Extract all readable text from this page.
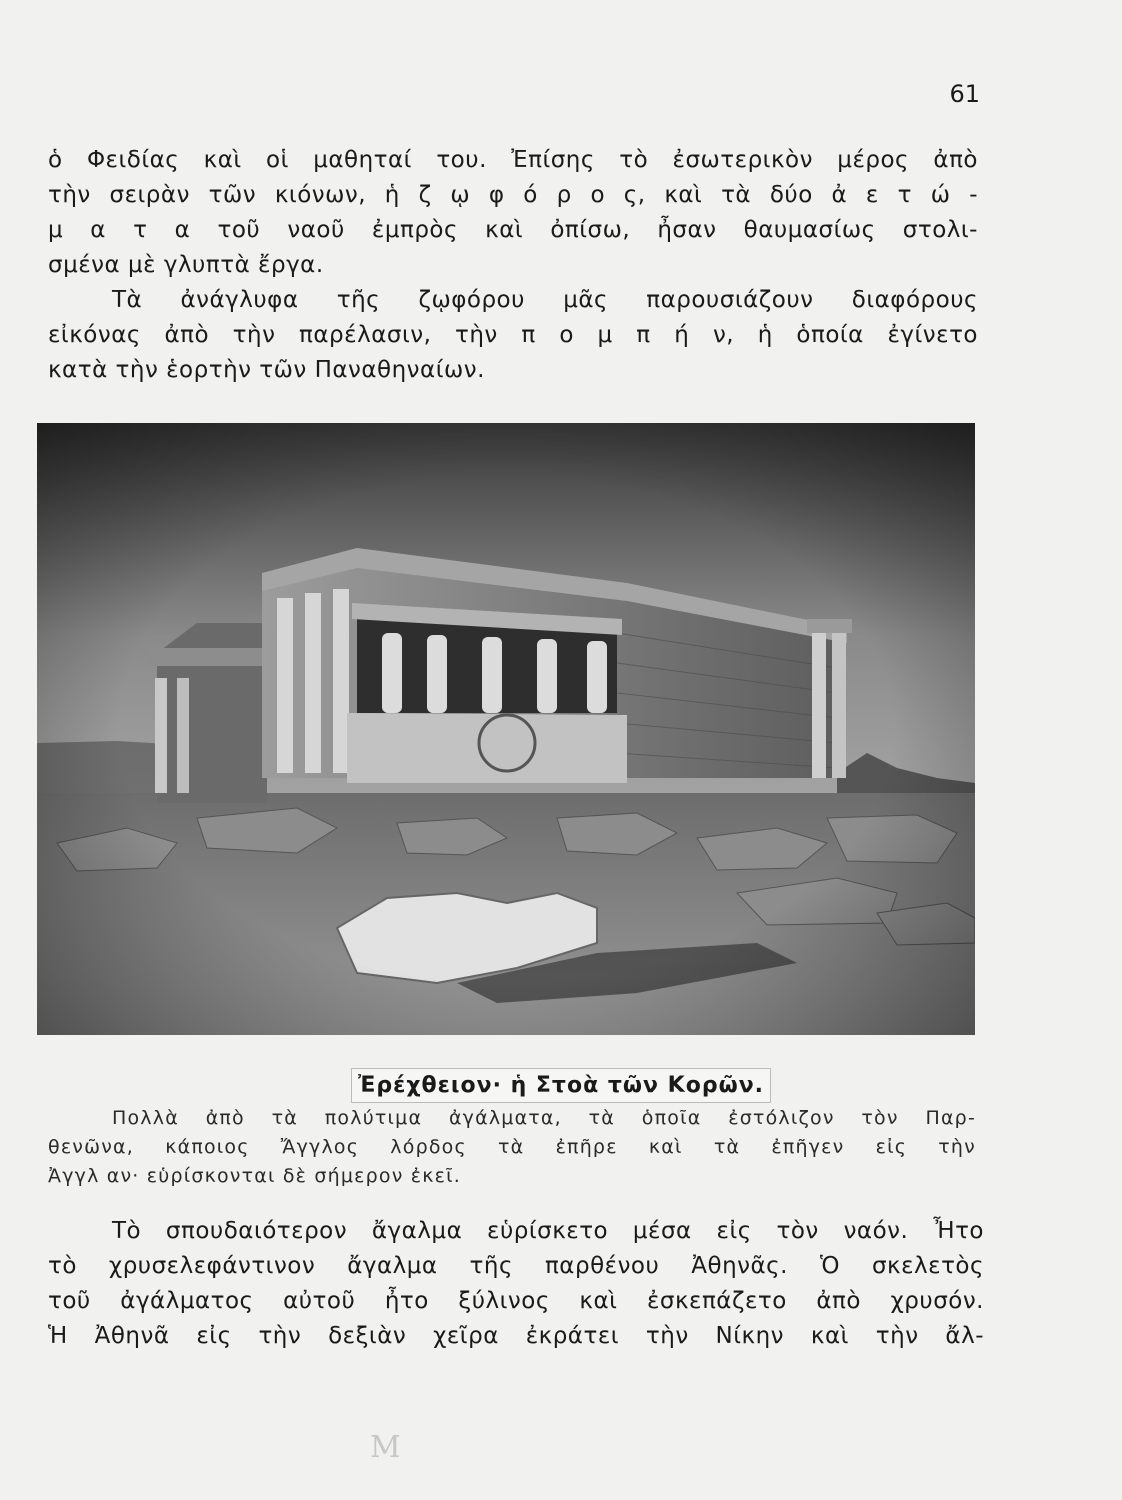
61
ὁ Φειδίας καὶ οἱ μαθηταί του. Ἐπίσης τὸ ἐσωτερικὸν μέρος ἀπὸ
τὴν σειρὰν τῶν κιόνων, ἡ ζ ῳ φ ό ρ ο ς, καὶ τὰ δύο ἀ ε τ ώ -
μ α τ α τοῦ ναοῦ ἐμπρὸς καὶ ὀπίσω, ἦσαν θαυμασίως στολι-
σμένα μὲ γλυπτὰ ἔργα.
Τὰ ἀνάγλυφα τῆς ζῳφόρου μᾶς παρουσιάζουν διαφόρους
εἰκόνας ἀπὸ τὴν παρέλασιν, τὴν π ο μ π ή ν, ἡ ὁποία ἐγίνετο
κατὰ τὴν ἑορτὴν τῶν Παναθηναίων.
Ἐρέχθειον· ἡ Στοὰ τῶν Κορῶν.
Πολλὰ ἀπὸ τὰ πολύτιμα ἀγάλματα, τὰ ὁποῖα ἐστόλιζον τὸν Παρ-
θενῶνα, κάποιος Ἄγγλος λόρδος τὰ ἐπῆρε καὶ τὰ ἐπῆγεν εἰς τὴν
Ἀγγλ αν· εὑρίσκονται δὲ σήμερον ἐκεῖ.
Τὸ σπουδαιότερον ἄγαλμα εὑρίσκετο μέσα εἰς τὸν ναόν. Ἦτο
τὸ χρυσελεφάντινον ἄγαλμα τῆς παρθένου Ἀθηνᾶς. Ὁ σκελετὸς
τοῦ ἀγάλματος αὐτοῦ ἦτο ξύλινος καὶ ἐσκεπάζετο ἀπὸ χρυσόν.
Ἡ Ἀθηνᾶ εἰς τὴν δεξιὰν χεῖρα ἐκράτει τὴν Νίκην καὶ τὴν ἄλ-
Μ
